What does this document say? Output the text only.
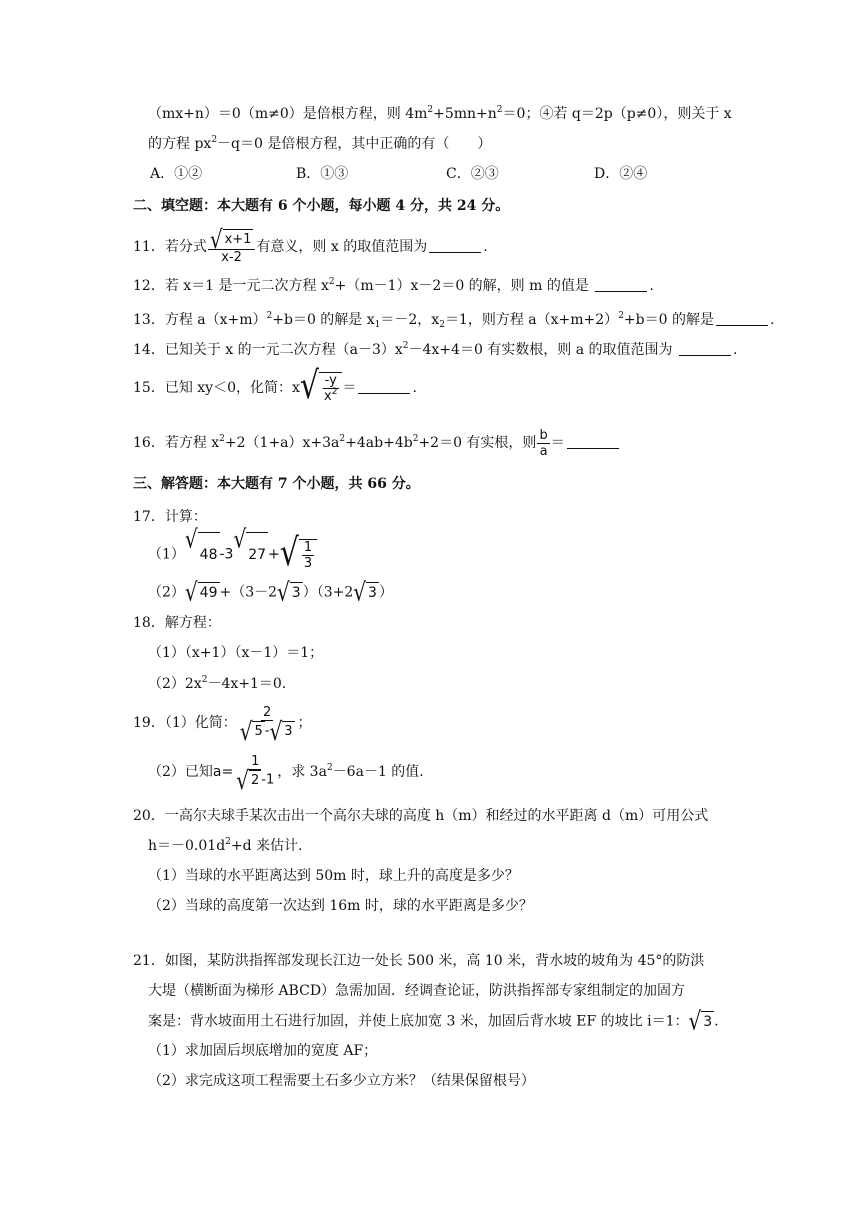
（mx+n）＝0（m≠0）是倍根方程，则 $4m^2+5mn+n^2=0$；④若 q＝2p（p≠0），则关于 x
的方程 $px^2-q=0$ 是倍根方程，其中正确的有（　　）
A．①②	B．①③	C．②③	D．②④
二、填空题：本大题有 6 个小题，每小题 4 分，共 24 分。
11．若分式 $\frac{√ x+1}{x-2}$ 有意义，则 x 的取值范围为	.
12．若 x＝1 是一元二次方程 $x^2+(m-1)x-2=0$ 的解，则 m 的值是	.
13．方程 $a(x+m)^2+b=0$ 的解是 $x_1=-2$，$x_2=1$，则方程 $a(x+m+2)^2+b=0$ 的解是	.
14．已知关于 x 的一元二次方程$(a-3)x^2-4x+4=0$ 有实数根，则 a 的取值范围为	.
15．已知 xy＜0，化简：x √ $\frac{-y}{x^2}$ ＝	.
16．若方程 $x^2+2(1+a)x+3a^2+4ab+4b^2+2=0$ 有实根，则 $\frac{b}{a}$ ＝
三、解答题：本大题有 7 个小题，共 66 分。
17．计算：
（1）
√
48 -3
√
27 + √ $\frac{1}{3}$
（2） √ 49 +（3－2 √ 3 ）（3+2 √ 3 ）
18．解方程：
（1）（x+1）（x－1）＝1；
$(2)2x^2-4x+1=0$.
19．（1）化简： $\frac{2}{√ 5 - √ 3}$ ；
（2）已知$a= \frac{1}{√ 2 -1}$ ，求 $3a^2-6a-1$ 的值.
20．一高尔夫球手某次击出一个高尔夫球的高度 h（m）和经过的水平距离 d（m）可用公式
$h=-0.01d^2+d$ 来估计.
（1）当球的水平距离达到 50m 时，球上升的高度是多少？
（2）当球的高度第一次达到 16m 时，球的水平距离是多少？
21．如图，某防洪指挥部发现长江边一处长 500 米，高 10 米，背水坡的坡角为 45°的防洪
大堤（横断面为梯形 ABCD）急需加固．经调查论证，防洪指挥部专家组制定的加固方
案是：背水坡面用土石进行加固，并使上底加宽 3 米，加固后背水坡 EF 的坡比 i＝1： √ 3 .
（1）求加固后坝底增加的宽度 AF；
（2）求完成这项工程需要土石多少立方米？（结果保留根号）
